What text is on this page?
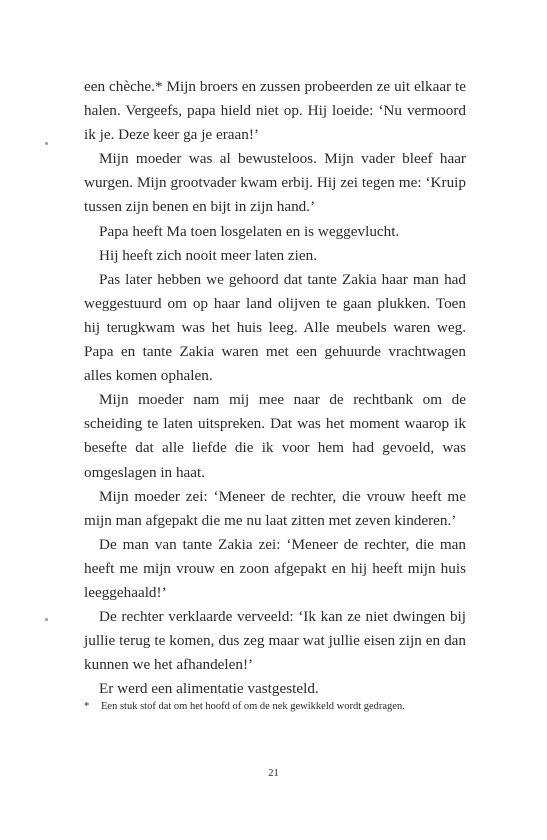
een chèche.* Mijn broers en zussen probeerden ze uit elkaar te halen. Vergeefs, papa hield niet op. Hij loeide: ‘Nu vermoord ik je. Deze keer ga je eraan!’

Mijn moeder was al bewusteloos. Mijn vader bleef haar wurgen. Mijn grootvader kwam erbij. Hij zei tegen me: ‘Kruip tussen zijn benen en bijt in zijn hand.’

Papa heeft Ma toen losgelaten en is weggevlucht.

Hij heeft zich nooit meer laten zien.

Pas later hebben we gehoord dat tante Zakia haar man had weggestuurd om op haar land olijven te gaan plukken. Toen hij terugkwam was het huis leeg. Alle meubels waren weg. Papa en tante Zakia waren met een gehuurde vrachtwagen alles komen ophalen.

Mijn moeder nam mij mee naar de rechtbank om de scheiding te laten uitspreken. Dat was het moment waarop ik besefte dat alle liefde die ik voor hem had gevoeld, was omgeslagen in haat.

Mijn moeder zei: ‘Meneer de rechter, die vrouw heeft me mijn man afgepakt die me nu laat zitten met zeven kinderen.’

De man van tante Zakia zei: ‘Meneer de rechter, die man heeft me mijn vrouw en zoon afgepakt en hij heeft mijn huis leeggehaald!’

De rechter verklaarde verveeld: ‘Ik kan ze niet dwingen bij jullie terug te komen, dus zeg maar wat jullie eisen zijn en dan kunnen we het afhandelen!’

Er werd een alimentatie vastgesteld.

* Een stuk stof dat om het hoofd of om de nek gewikkeld wordt gedragen.
21
